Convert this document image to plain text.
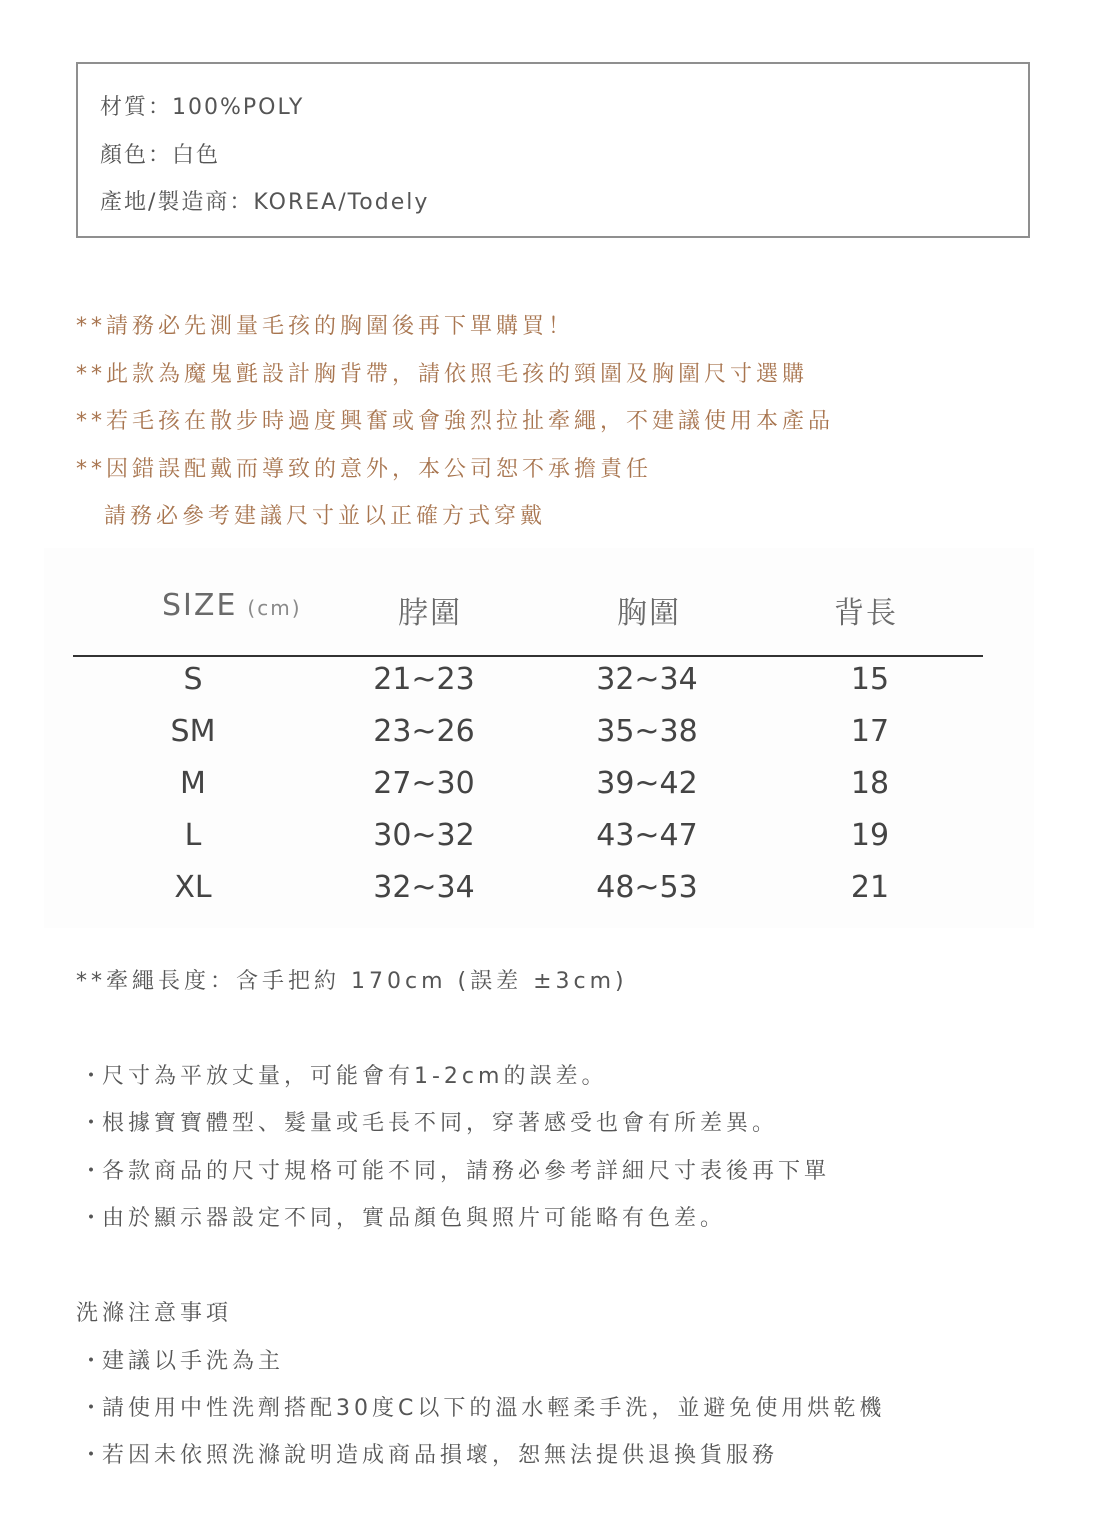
材質：100%POLY
顏色：白色
產地/製造商：KOREA/Todely
**請務必先測量毛孩的胸圍後再下單購買！
**此款為魔鬼氈設計胸背帶，請依照毛孩的頸圍及胸圍尺寸選購
**若毛孩在散步時過度興奮或會強烈拉扯牽繩，不建議使用本產品
**因錯誤配戴而導致的意外，本公司恕不承擔責任
請務必參考建議尺寸並以正確方式穿戴
SIZE (cm)	脖圍	胸圍	背長
S	21~23	32~34	15
SM	23~26	35~38	17
M	27~30	39~42	18
L	30~32	43~47	19
XL	32~34	48~53	21
**牽繩長度：含手把約 170cm (誤差 ±3cm)
・尺寸為平放丈量，可能會有1-2cm的誤差。
・根據寶寶體型、髮量或毛長不同，穿著感受也會有所差異。
・各款商品的尺寸規格可能不同，請務必參考詳細尺寸表後再下單
・由於顯示器設定不同，實品顏色與照片可能略有色差。
洗滌注意事項
・建議以手洗為主
・請使用中性洗劑搭配30度C以下的溫水輕柔手洗，並避免使用烘乾機
・若因未依照洗滌說明造成商品損壞，恕無法提供退換貨服務
